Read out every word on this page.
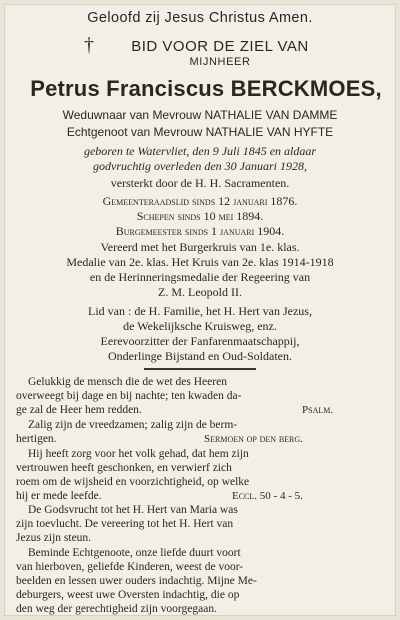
Geloofd zij Jesus Christus Amen.
†	BID VOOR DE ZIEL VAN
MIJNHEER
Petrus Franciscus BERCKMOES,
Weduwnaar van Mevrouw NATHALIE VAN DAMME
Echtgenoot van Mevrouw NATHALIE VAN HYFTE
geboren te Watervliet, den 9 Juli 1845 en aldaar
godvruchtig overleden den 30 Januari 1928,
versterkt door de H. H. Sacramenten.
Gemeenteraadslid sinds 12 januari 1876.
Schepen sinds 10 mei 1894.
Burgemeester sinds 1 januari 1904.
Vereerd met het Burgerkruis van 1e. klas.
Medalie van 2e. klas. Het Kruis van 2e. klas 1914-1918
en de Herinneringsmedalie der Regeering van
Z. M. Leopold II.
Lid van : de H. Familie, het H. Hert van Jezus,
de Wekelijksche Kruisweg, enz.
Eerevoorzitter der Fanfarenmaatschappij,
Onderlinge Bijstand en Oud-Soldaten.
Gelukkig de mensch die de wet des Heeren
overweegt bij dage en bij nachte; ten kwaden da-
ge zal de Heer hem redden.	Psalm.
Zalig zijn de vreedzamen; zalig zijn de berm-
hertigen.	Sermoen op den berg.
Hij heeft zorg voor het volk gehad, dat hem zijn
vertrouwen heeft geschonken, en verwierf zich
roem om de wijsheid en voorzichtigheid, op welke
hij er mede leefde.	Eccl. 50 - 4 - 5.
De Godsvrucht tot het H. Hert van Maria was
zijn toevlucht. De vereering tot het H. Hert van
Jezus zijn steun.
Beminde Echtgenoote, onze liefde duurt voort
van hierboven, geliefde Kinderen, weest de voor-
beelden en lessen uwer ouders indachtig. Mijne Me-
deburgers, weest uwe Oversten indachtig, die op
den weg der gerechtigheid zijn voorgegaan.
